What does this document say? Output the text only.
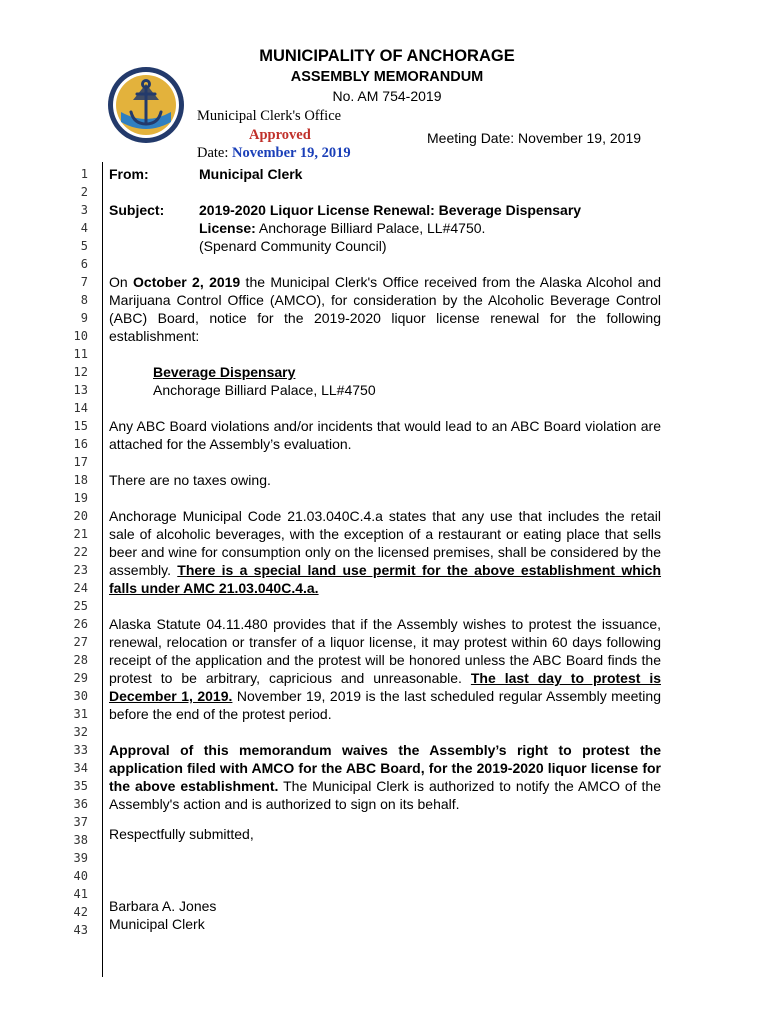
MUNICIPALITY OF ANCHORAGE
ASSEMBLY MEMORANDUM
No. AM 754-2019
Municipal Clerk's Office
Approved
Date: November 19, 2019
Meeting Date: November 19, 2019
1
2
3
4
5
6
7
8
9
10
11
12
13
14
15
16
17
18
19
20
21
22
23
24
25
26
27
28
29
30
31
32
33
34
35
36
37
38
39
40
41
42
43
From:	Municipal Clerk
Subject: 2019-2020 Liquor License Renewal: Beverage Dispensary
License: Anchorage Billiard Palace, LL#4750.
(Spenard Community Council)
On October 2, 2019 the Municipal Clerk's Office received from the Alaska Alcohol and Marijuana Control Office (AMCO), for consideration by the Alcoholic Beverage Control (ABC) Board, notice for the 2019-2020 liquor license renewal for the following establishment:
Beverage Dispensary
Anchorage Billiard Palace, LL#4750
Any ABC Board violations and/or incidents that would lead to an ABC Board violation are attached for the Assembly’s evaluation.
There are no taxes owing.
Anchorage Municipal Code 21.03.040C.4.a states that any use that includes the retail sale of alcoholic beverages, with the exception of a restaurant or eating place that sells beer and wine for consumption only on the licensed premises, shall be considered by the assembly. There is a special land use permit for the above establishment which falls under AMC 21.03.040C.4.a.
Alaska Statute 04.11.480 provides that if the Assembly wishes to protest the issuance, renewal, relocation or transfer of a liquor license, it may protest within 60 days following receipt of the application and the protest will be honored unless the ABC Board finds the protest to be arbitrary, capricious and unreasonable. The last day to protest is December 1, 2019. November 19, 2019 is the last scheduled regular Assembly meeting before the end of the protest period.
Approval of this memorandum waives the Assembly’s right to protest the application filed with AMCO for the ABC Board, for the 2019-2020 liquor license for the above establishment. The Municipal Clerk is authorized to notify the AMCO of the Assembly's action and is authorized to sign on its behalf.
Respectfully submitted,
Barbara A. Jones
Municipal Clerk
